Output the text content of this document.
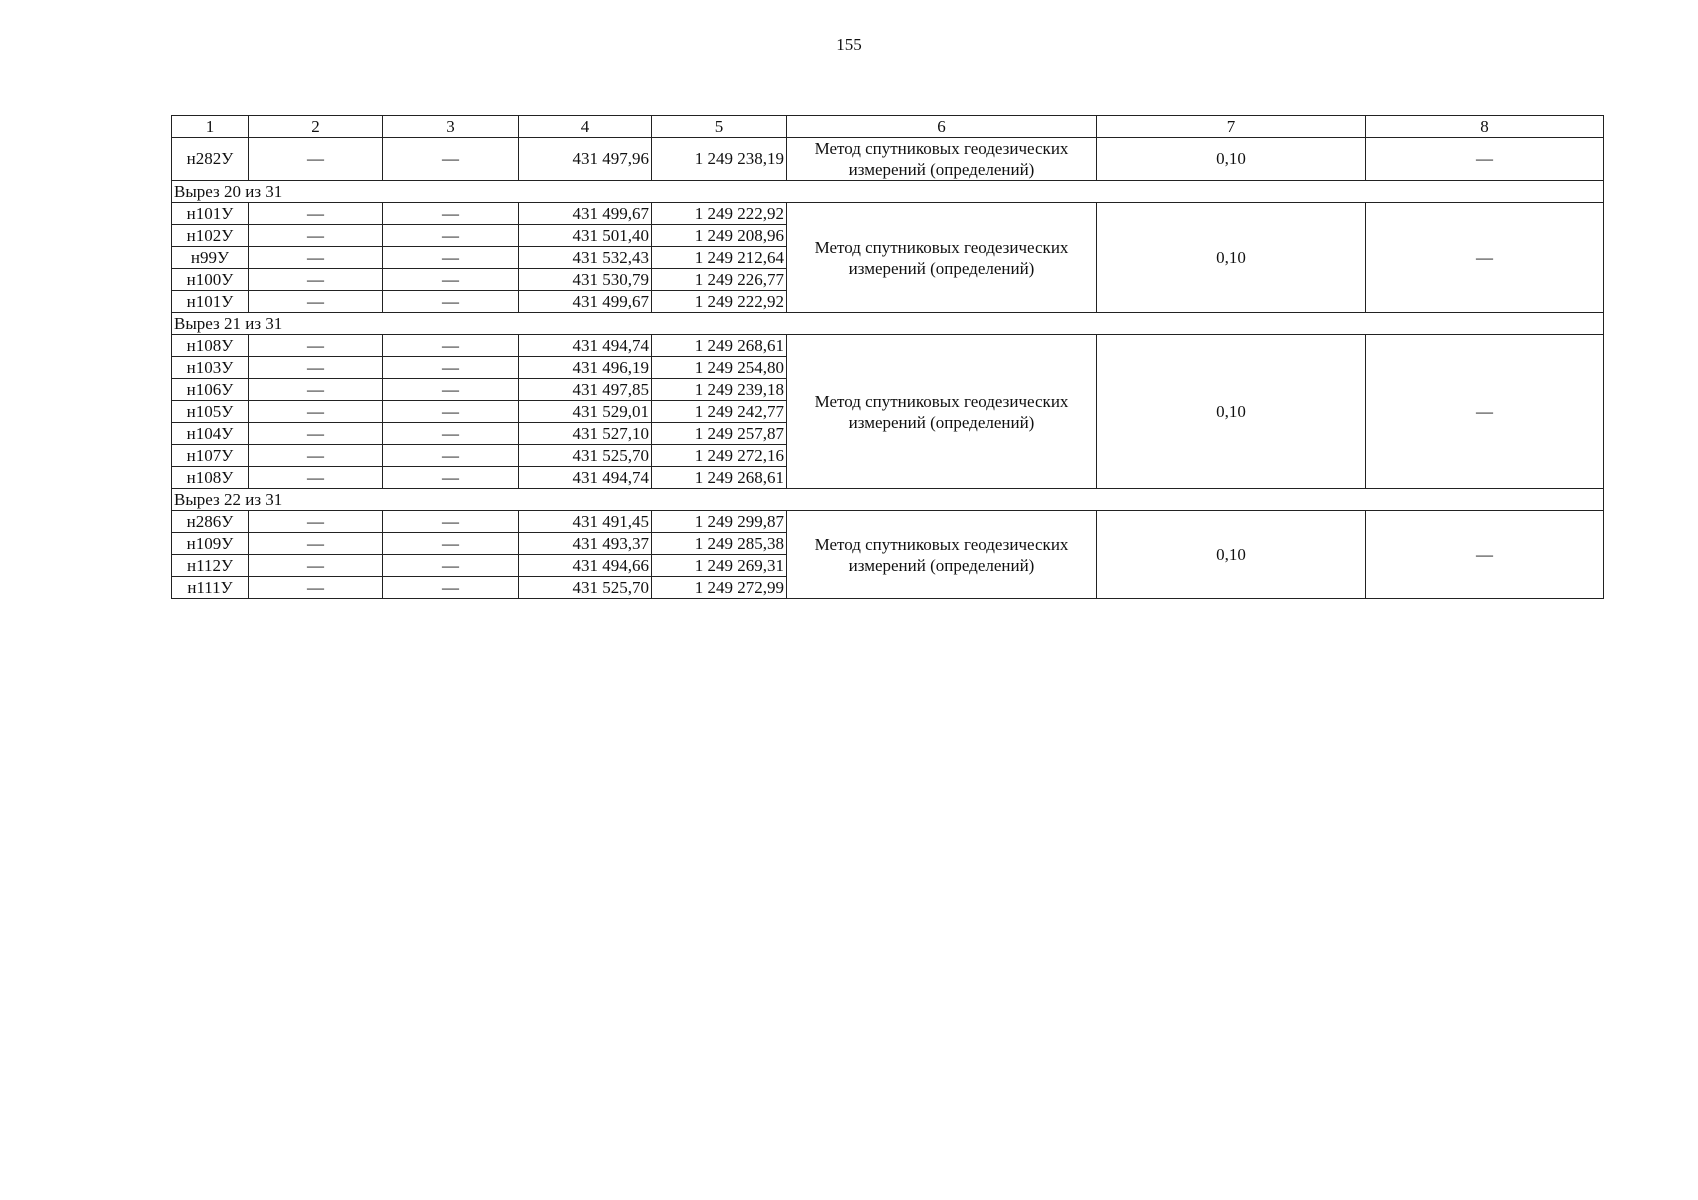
155
1	2	3	4	5	6	7	8
н282У	—	—	431 497,96	1 249 238,19	Метод спутниковых геодезических измерений (определений)	0,10	—
Вырез 20 из 31							
н101У	—	—	431 499,67	1 249 222,92	Метод спутниковых геодезических измерений (определений)	0,10	—
н102У	—	—	431 501,40	1 249 208,96			
н99У	—	—	431 532,43	1 249 212,64			
н100У	—	—	431 530,79	1 249 226,77			
н101У	—	—	431 499,67	1 249 222,92			
Вырез 21 из 31							
н108У	—	—	431 494,74	1 249 268,61	Метод спутниковых геодезических измерений (определений)	0,10	—
н103У	—	—	431 496,19	1 249 254,80			
н106У	—	—	431 497,85	1 249 239,18			
н105У	—	—	431 529,01	1 249 242,77			
н104У	—	—	431 527,10	1 249 257,87			
н107У	—	—	431 525,70	1 249 272,16			
н108У	—	—	431 494,74	1 249 268,61			
Вырез 22 из 31							
н286У	—	—	431 491,45	1 249 299,87	Метод спутниковых геодезических измерений (определений)	0,10	—
н109У	—	—	431 493,37	1 249 285,38			
н112У	—	—	431 494,66	1 249 269,31			
н111У	—	—	431 525,70	1 249 272,99			
